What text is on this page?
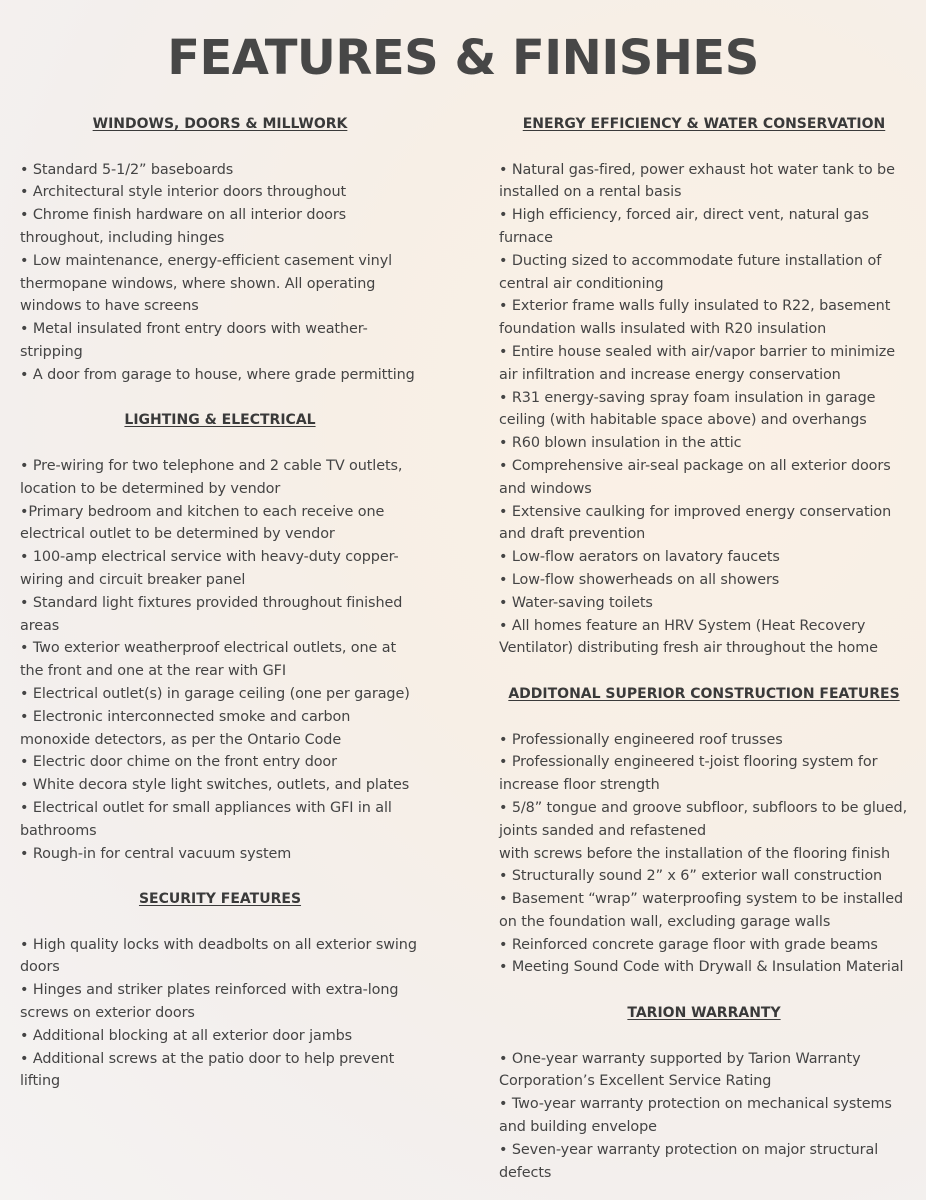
FEATURES & FINISHES
WINDOWS, DOORS & MILLWORK
• Standard 5-1/2” baseboards
• Architectural style interior doors throughout
• Chrome finish hardware on all interior doors
throughout, including hinges
• Low maintenance, energy-efficient casement vinyl
thermopane windows, where shown. All operating
windows to have screens
• Metal insulated front entry doors with weather-
stripping
• A door from garage to house, where grade permitting
LIGHTING & ELECTRICAL
• Pre-wiring for two telephone and 2 cable TV outlets,
location to be determined by vendor
•Primary bedroom and kitchen to each receive one
electrical outlet to be determined by vendor
• 100-amp electrical service with heavy-duty copper-
wiring and circuit breaker panel
• Standard light fixtures provided throughout finished
areas
• Two exterior weatherproof electrical outlets, one at
the front and one at the rear with GFI
• Electrical outlet(s) in garage ceiling (one per garage)
• Electronic interconnected smoke and carbon
monoxide detectors, as per the Ontario Code
• Electric door chime on the front entry door
• White decora style light switches, outlets, and plates
• Electrical outlet for small appliances with GFI in all
bathrooms
• Rough-in for central vacuum system
SECURITY FEATURES
• High quality locks with deadbolts on all exterior swing
doors
• Hinges and striker plates reinforced with extra-long
screws on exterior doors
• Additional blocking at all exterior door jambs
• Additional screws at the patio door to help prevent
lifting
ENERGY EFFICIENCY & WATER CONSERVATION
• Natural gas-fired, power exhaust hot water tank to be
installed on a rental basis
• High efficiency, forced air, direct vent, natural gas
furnace
• Ducting sized to accommodate future installation of
central air conditioning
• Exterior frame walls fully insulated to R22, basement
foundation walls insulated with R20 insulation
• Entire house sealed with air/vapor barrier to minimize
air infiltration and increase energy conservation
• R31 energy-saving spray foam insulation in garage
ceiling (with habitable space above) and overhangs
• R60 blown insulation in the attic
• Comprehensive air-seal package on all exterior doors
and windows
• Extensive caulking for improved energy conservation
and draft prevention
• Low-flow aerators on lavatory faucets
• Low-flow showerheads on all showers
• Water-saving toilets
• All homes feature an HRV System (Heat Recovery
Ventilator) distributing fresh air throughout the home
ADDITONAL SUPERIOR CONSTRUCTION FEATURES
• Professionally engineered roof trusses
• Professionally engineered t-joist flooring system for
increase floor strength
• 5/8” tongue and groove subfloor, subfloors to be glued,
joints sanded and refastened
with screws before the installation of the flooring finish
• Structurally sound 2” x 6” exterior wall construction
• Basement “wrap” waterproofing system to be installed
on the foundation wall, excluding garage walls
• Reinforced concrete garage floor with grade beams
• Meeting Sound Code with Drywall & Insulation Material
TARION WARRANTY
• One-year warranty supported by Tarion Warranty
Corporation’s Excellent Service Rating
• Two-year warranty protection on mechanical systems
and building envelope
• Seven-year warranty protection on major structural
defects
